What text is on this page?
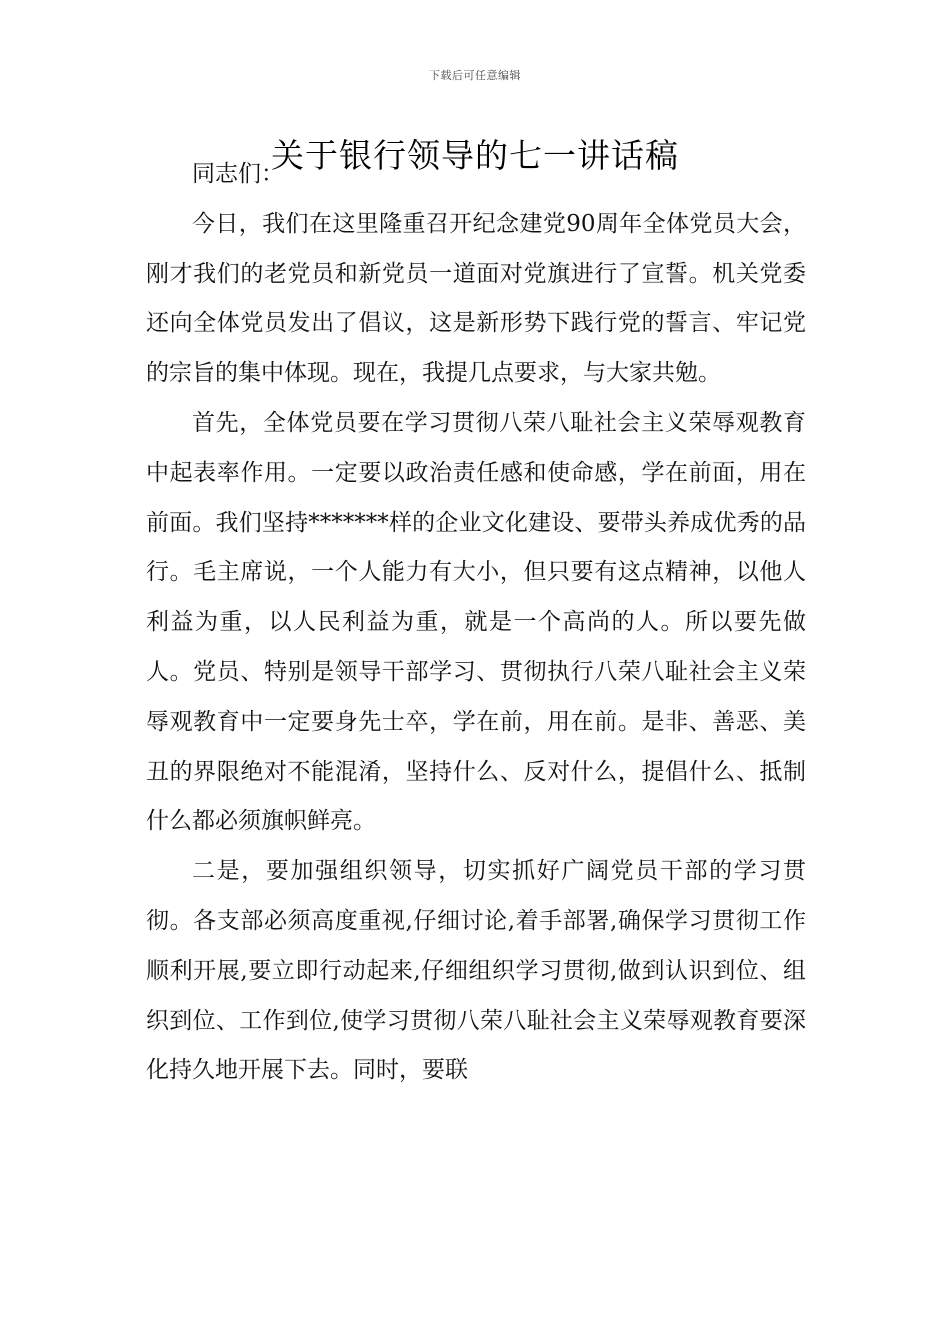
下载后可任意编辑
关于银行领导的七一讲话稿

同志们：

今日，我们在这里隆重召开纪念建党90周年全体党员大会，刚才我们的老党员和新党员一道面对党旗进行了宣誓。机关党委还向全体党员发出了倡议，这是新形势下践行党的誓言、牢记党的宗旨的集中体现。现在，我提几点要求，与大家共勉。

首先，全体党员要在学习贯彻八荣八耻社会主义荣辱观教育中起表率作用。一定要以政治责任感和使命感，学在前面，用在前面。我们坚持*******样的企业文化建设、要带头养成优秀的品行。毛主席说，一个人能力有大小，但只要有这点精神，以他人利益为重，以人民利益为重，就是一个高尚的人。所以要先做人。党员、特别是领导干部学习、贯彻执行八荣八耻社会主义荣辱观教育中一定要身先士卒，学在前，用在前。是非、善恶、美丑的界限绝对不能混淆，坚持什么、反对什么，提倡什么、抵制什么都必须旗帜鲜亮。

二是，要加强组织领导，切实抓好广阔党员干部的学习贯彻。各支部必须高度重视,仔细讨论,着手部署,确保学习贯彻工作顺利开展,要立即行动起来,仔细组织学习贯彻,做到认识到位、组织到位、工作到位,使学习贯彻八荣八耻社会主义荣辱观教育要深化持久地开展下去。同时，要联
